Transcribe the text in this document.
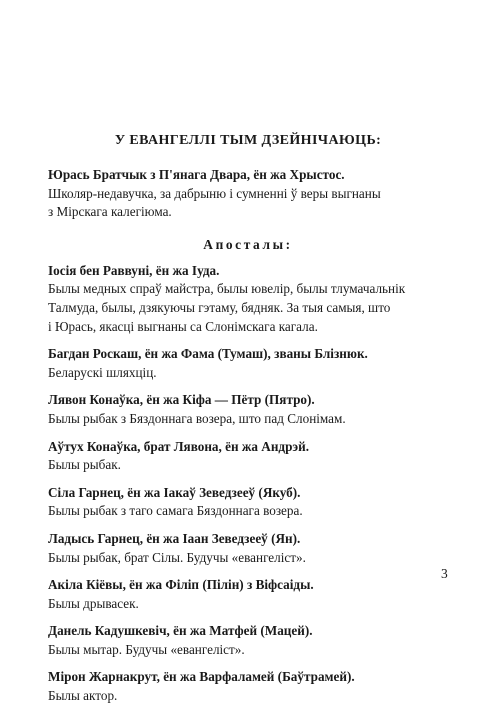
У ЕВАНГЕЛЛІ ТЫМ ДЗЕЙНІЧАЮЦЬ:

Юрась Братчык з П'янага Двара, ён жа Хрыстос.
Школяр-недавучка, за дабрыню і сумненні ў веры выгнаны
з Мірскага калегіюма.

Апосталы:

Іосія бен Раввуні, ён жа Іуда.
Былы медных спраў майстра, былы ювелір, былы тлумачальнік
Талмуда, былы, дзякуючы гэтаму, бядняк. За тыя самыя, што
і Юрась, якасці выгнаны са Слонімскага кагала.

Багдан Роскаш, ён жа Фама (Тумаш), званы Блізнюк.
Беларускі шляхціц.

Лявон Конаўка, ён жа Кіфа — Пётр (Пятро).
Былы рыбак з Бяздоннага возера, што пад Слонімам.

Аўтух Конаўка, брат Лявона, ён жа Андрэй.
Былы рыбак.

Сіла Гарнец, ён жа Іакаў Зеведзееў (Якуб).
Былы рыбак з таго самага Бяздоннага возера.

Ладысь Гарнец, ён жа Іаан Зеведзееў (Ян).
Былы рыбак, брат Сілы. Будучы «евангеліст».

Акіла Кіёвы, ён жа Філіп (Пілін) з Віфсаіды.
Былы дрывасек.

Данель Кадушкевіч, ён жа Матфей (Мацей).
Былы мытар. Будучы «евангеліст».

Мірон Жарнакрут, ён жа Варфаламей (Баўтрамей).
Былы актор.

3
